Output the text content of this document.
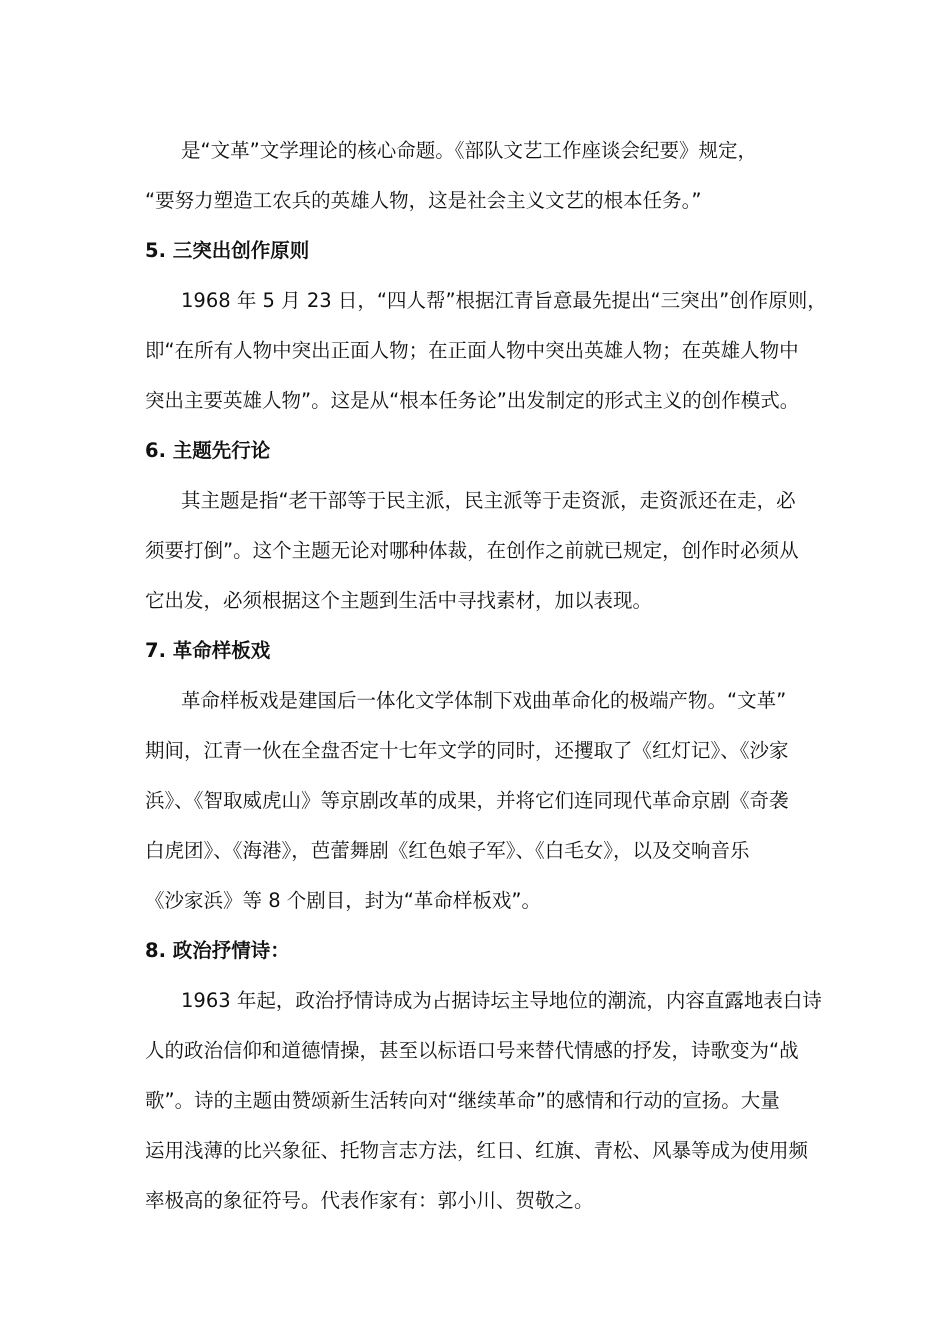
是“文革”文学理论的核心命题。《部队文艺工作座谈会纪要》规定，
“要努力塑造工农兵的英雄人物，这是社会主义文艺的根本任务。”
5. 三突出创作原则
1968 年 5 月 23 日，“四人帮”根据江青旨意最先提出“三突出”创作原则，
即“在所有人物中突出正面人物；在正面人物中突出英雄人物；在英雄人物中
突出主要英雄人物”。这是从“根本任务论”出发制定的形式主义的创作模式。
6. 主题先行论
其主题是指“老干部等于民主派，民主派等于走资派，走资派还在走，必
须要打倒”。这个主题无论对哪种体裁，在创作之前就已规定，创作时必须从
它出发，必须根据这个主题到生活中寻找素材，加以表现。
7. 革命样板戏
革命样板戏是建国后一体化文学体制下戏曲革命化的极端产物。“文革”
期间，江青一伙在全盘否定十七年文学的同时，还攫取了《红灯记》、《沙家
浜》、《智取威虎山》等京剧改革的成果，并将它们连同现代革命京剧《奇袭
白虎团》、《海港》，芭蕾舞剧《红色娘子军》、《白毛女》，以及交响音乐
《沙家浜》等 8 个剧目，封为“革命样板戏”。
8. 政治抒情诗：
1963 年起，政治抒情诗成为占据诗坛主导地位的潮流，内容直露地表白诗
人的政治信仰和道德情操，甚至以标语口号来替代情感的抒发，诗歌变为“战
歌”。诗的主题由赞颂新生活转向对“继续革命”的感情和行动的宣扬。大量
运用浅薄的比兴象征、托物言志方法，红日、红旗、青松、风暴等成为使用频
率极高的象征符号。代表作家有：郭小川、贺敬之。
